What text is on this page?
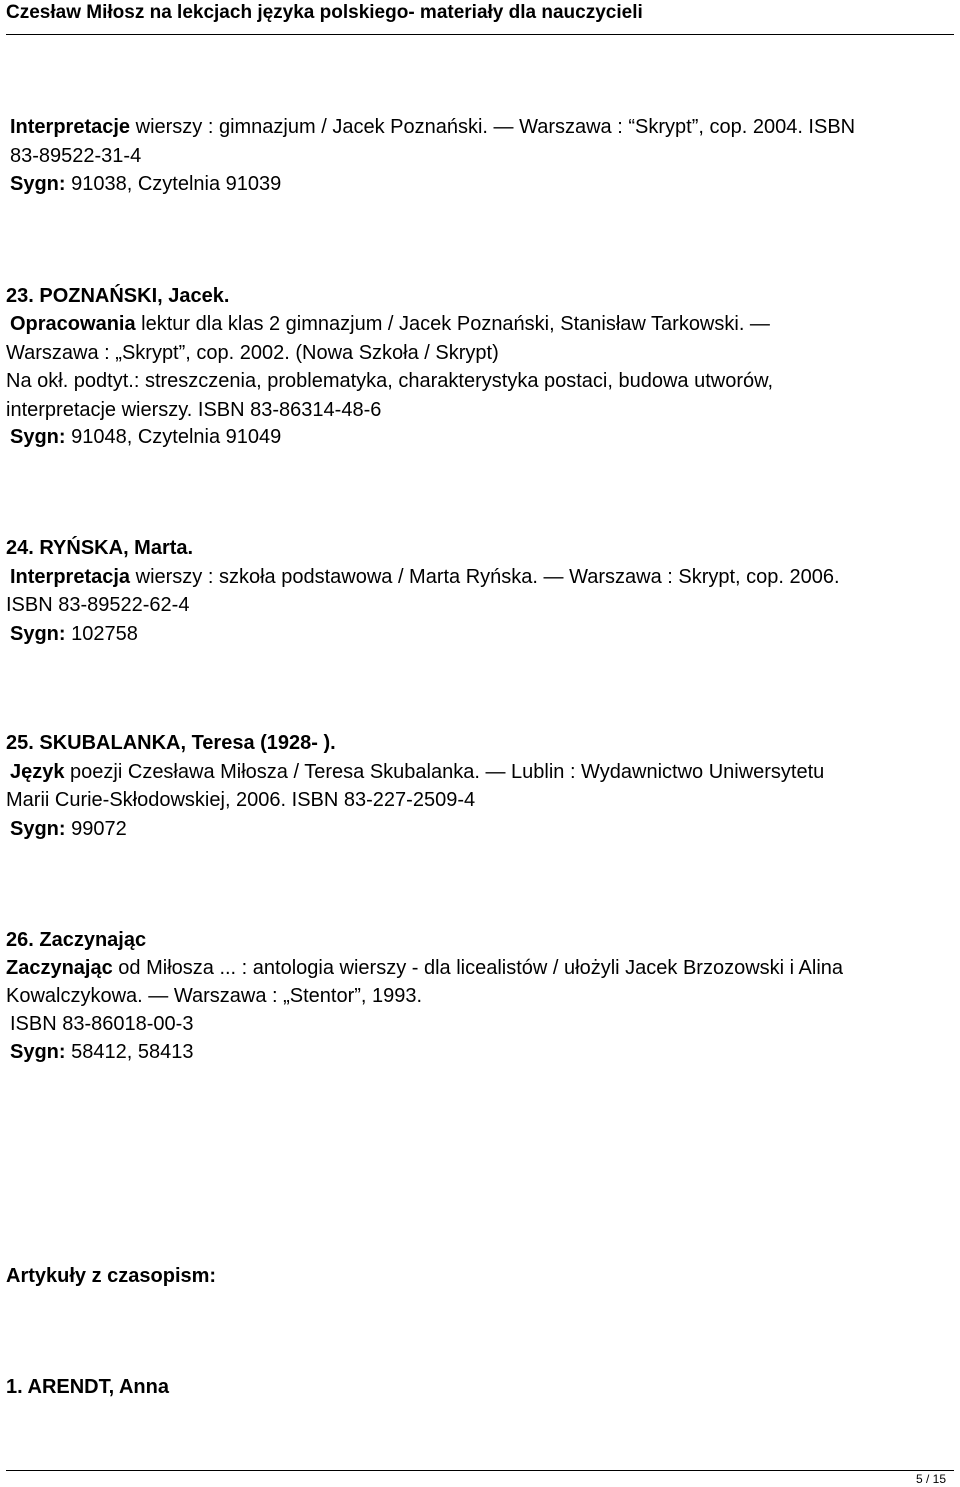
Czesław Miłosz na lekcjach języka polskiego- materiały dla nauczycieli
Interpretacje wierszy : gimnazjum / Jacek Poznański. — Warszawa : “Skrypt”, cop. 2004. ISBN
83-89522-31-4
Sygn: 91038, Czytelnia 91039
23. POZNAŃSKI, Jacek.
Opracowania lektur dla klas 2 gimnazjum / Jacek Poznański, Stanisław Tarkowski. —
Warszawa : „Skrypt”, cop. 2002. (Nowa Szkoła / Skrypt)
Na okł. podtyt.: streszczenia, problematyka, charakterystyka postaci, budowa utworów,
interpretacje wierszy. ISBN 83-86314-48-6
Sygn: 91048, Czytelnia 91049
24. RYŃSKA, Marta.
Interpretacja wierszy : szkoła podstawowa / Marta Ryńska. — Warszawa : Skrypt, cop. 2006.
ISBN 83-89522-62-4
Sygn: 102758
25. SKUBALANKA, Teresa (1928- ).
Język poezji Czesława Miłosza / Teresa Skubalanka. — Lublin : Wydawnictwo Uniwersytetu
Marii Curie-Skłodowskiej, 2006. ISBN 83-227-2509-4
Sygn: 99072
26. Zaczynając
Zaczynając od Miłosza ... : antologia wierszy - dla licealistów / ułożyli Jacek Brzozowski i Alina
Kowalczykowa. — Warszawa : „Stentor”, 1993.
ISBN 83-86018-00-3
Sygn: 58412, 58413
Artykuły z czasopism:
1. ARENDT, Anna
5 / 15
